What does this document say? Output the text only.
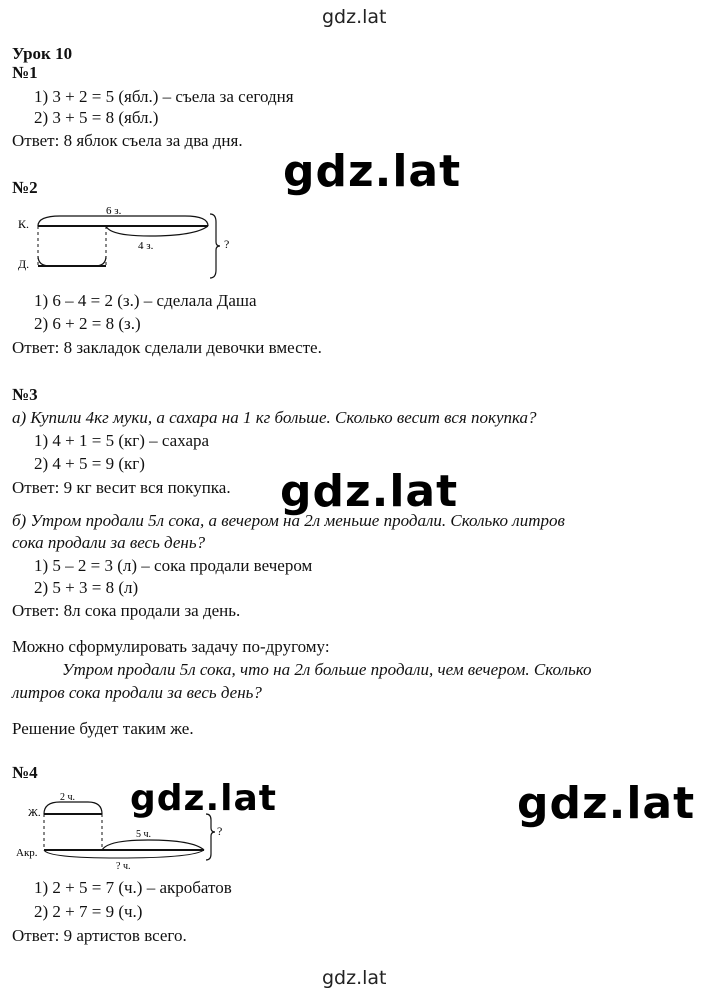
gdz.lat
gdz.lat
gdz.lat
gdz.lat	gdz.lat
gdz.lat
Урок 10
№1
1) 3 + 2 = 5 (ябл.) – съела за сегодня
2) 3 + 5 = 8 (ябл.)
Ответ: 8 яблок съела за два дня.
№2
К.
Д.
6 з.
4 з.	?
1) 6 – 4 = 2 (з.) – сделала Даша
2) 6 + 2 = 8 (з.)
Ответ: 8 закладок сделали девочки вместе.
№3
а) Купили 4кг муки, а сахара на 1 кг больше. Сколько весит вся покупка?
1) 4 + 1 = 5 (кг) – сахара
2) 4 + 5 = 9 (кг)
Ответ: 9 кг весит вся покупка.
б) Утром продали 5л сока, а вечером на 2л меньше продали. Сколько литров
сока продали за весь день?
1) 5 – 2 = 3 (л) – сока продали вечером
2) 5 + 3 = 8 (л)
Ответ: 8л сока продали за день.
Можно сформулировать задачу по-другому:
Утром продали 5л сока, что на 2л больше продали, чем вечером. Сколько
литров сока продали за весь день?
Решение будет таким же.
№4
Ж.
Акр.
2 ч.
5 ч.
? ч.
?
1) 2 + 5 = 7 (ч.) – акробатов
2) 2 + 7 = 9 (ч.)
Ответ: 9 артистов всего.
